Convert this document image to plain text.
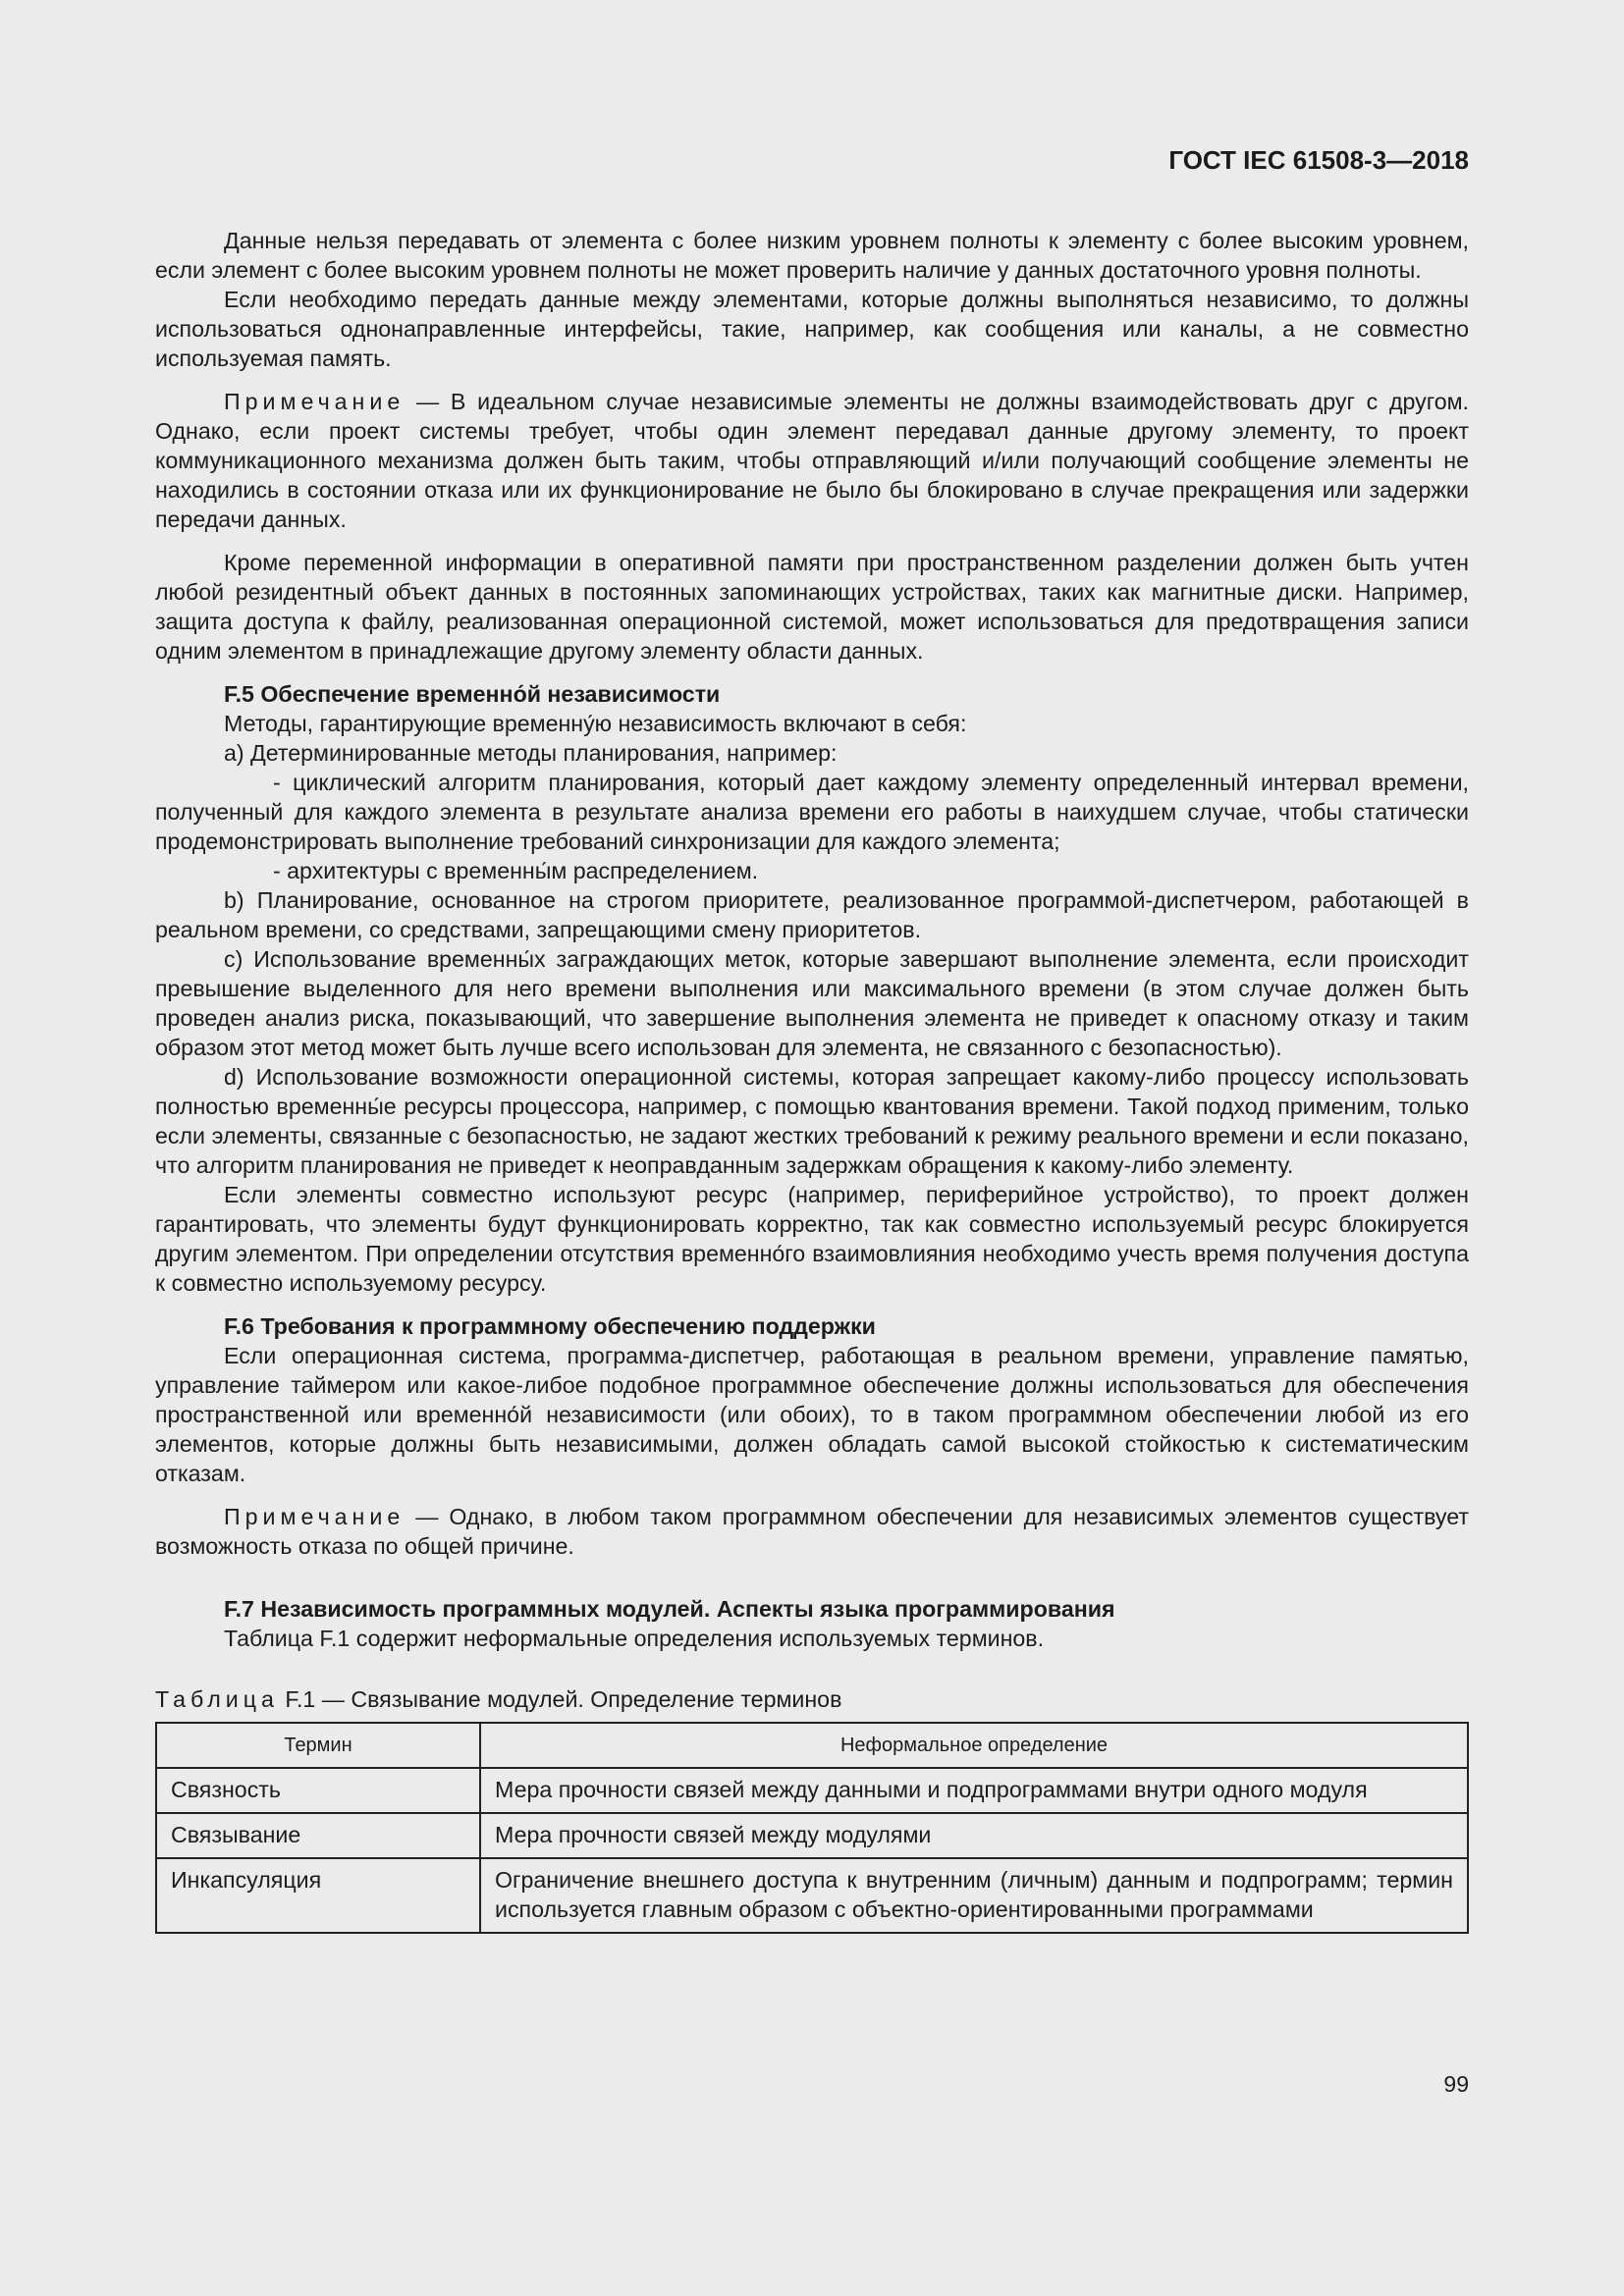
ГОСТ IEC 61508-3—2018

Данные нельзя передавать от элемента с более низким уровнем полноты к элементу с более высоким уровнем, если элемент с более высоким уровнем полноты не может проверить наличие у данных достаточного уровня полноты.

Если необходимо передать данные между элементами, которые должны выполняться независимо, то должны использоваться однонаправленные интерфейсы, такие, например, как сообщения или каналы, а не совместно используемая память.

Примечание — В идеальном случае независимые элементы не должны взаимодействовать друг с другом. Однако, если проект системы требует, чтобы один элемент передавал данные другому элементу, то проект коммуникационного механизма должен быть таким, чтобы отправляющий и/или получающий сообщение элементы не находились в состоянии отказа или их функционирование не было бы блокировано в случае прекращения или задержки передачи данных.

Кроме переменной информации в оперативной памяти при пространственном разделении должен быть учтен любой резидентный объект данных в постоянных запоминающих устройствах, таких как магнитные диски. Например, защита доступа к файлу, реализованная операционной системой, может использоваться для предотвращения записи одним элементом в принадлежащие другому элементу области данных.

F.5 Обеспечение временно́й независимости

Методы, гарантирующие временну́ю независимость включают в себя:

a) Детерминированные методы планирования, например:

- циклический алгоритм планирования, который дает каждому элементу определенный интервал времени, полученный для каждого элемента в результате анализа времени его работы в наихудшем случае, чтобы статически продемонстрировать выполнение требований синхронизации для каждого элемента;

- архитектуры с временны́м распределением.

b) Планирование, основанное на строгом приоритете, реализованное программой-диспетчером, работающей в реальном времени, со средствами, запрещающими смену приоритетов.

c) Использование временны́х заграждающих меток, которые завершают выполнение элемента, если происходит превышение выделенного для него времени выполнения или максимального времени (в этом случае должен быть проведен анализ риска, показывающий, что завершение выполнения элемента не приведет к опасному отказу и таким образом этот метод может быть лучше всего использован для элемента, не связанного с безопасностью).

d) Использование возможности операционной системы, которая запрещает какому-либо процессу использовать полностью временны́е ресурсы процессора, например, с помощью квантования времени. Такой подход применим, только если элементы, связанные с безопасностью, не задают жестких требований к режиму реального времени и если показано, что алгоритм планирования не приведет к неоправданным задержкам обращения к какому-либо элементу.

Если элементы совместно используют ресурс (например, периферийное устройство), то проект должен гарантировать, что элементы будут функционировать корректно, так как совместно используемый ресурс блокируется другим элементом. При определении отсутствия временно́го взаимовлияния необходимо учесть время получения доступа к совместно используемому ресурсу.

F.6 Требования к программному обеспечению поддержки

Если операционная система, программа-диспетчер, работающая в реальном времени, управление памятью, управление таймером или какое-либое подобное программное обеспечение должны использоваться для обеспечения пространственной или временно́й независимости (или обоих), то в таком программном обеспечении любой из его элементов, которые должны быть независимыми, должен обладать самой высокой стойкостью к систематическим отказам.

Примечание — Однако, в любом таком программном обеспечении для независимых элементов существует возможность отказа по общей причине.

F.7 Независимость программных модулей. Аспекты языка программирования

Таблица F.1 содержит неформальные определения используемых терминов.

Таблица F.1 — Связывание модулей. Определение терминов

Термин	Неформальное определение
Связность	Мера прочности связей между данными и подпрограммами внутри одного модуля
Связывание	Мера прочности связей между модулями
Инкапсуляция	Ограничение внешнего доступа к внутренним (личным) данным и подпрограмм; термин используется главным образом с объектно-ориентированными программами
99
